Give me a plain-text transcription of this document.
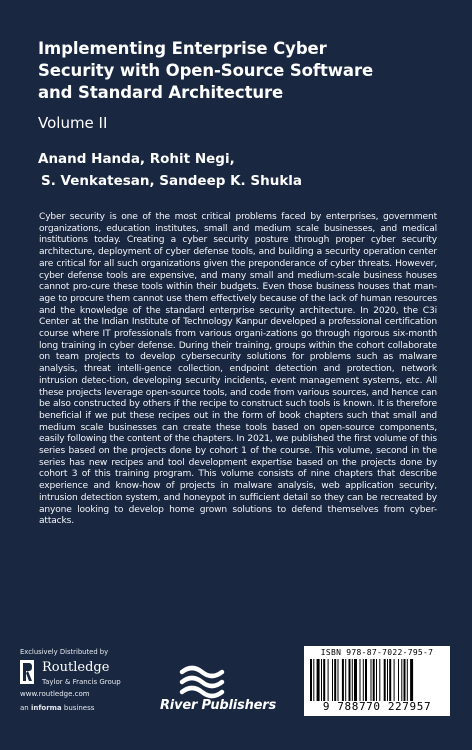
Implementing Enterprise Cyber
Security with Open-Source Software
and Standard Architecture
Volume II
Anand Handa, Rohit Negi,
S. Venkatesan, Sandeep K. Shukla
Cyber security is one of the most critical problems faced by enterprises, government organizations, education institutes, small and medium scale businesses, and medical institutions today. Creating a cyber security posture through proper cyber security architecture, deployment of cyber defense tools, and building a security operation center are critical for all such organizations given the preponderance of cyber threats. However, cyber defense tools are expensive, and many small and medium-scale business houses cannot pro-cure these tools within their budgets. Even those business houses that man-age to procure them cannot use them effectively because of the lack of human resources and the knowledge of the standard enterprise security architecture. In 2020, the C3i Center at the Indian Institute of Technology Kanpur developed a professional certification course where IT professionals from various organi-zations go through rigorous six-month long training in cyber defense. During their training, groups within the cohort collaborate on team projects to develop cybersecurity solutions for problems such as malware analysis, threat intelli-gence collection, endpoint detection and protection, network intrusion detec-tion, developing security incidents, event management systems, etc. All these projects leverage open-source tools, and code from various sources, and hence can be also constructed by others if the recipe to construct such tools is known. It is therefore beneficial if we put these recipes out in the form of book chapters such that small and medium scale businesses can create these tools based on open-source components, easily following the content of the chapters. In 2021, we published the first volume of this series based on the projects done by cohort 1 of the course. This volume, second in the series has new recipes and tool development expertise based on the projects done by cohort 3 of this training program. This volume consists of nine chapters that describe experience and know-how of projects in malware analysis, web application security, intrusion detection system, and honeypot in sufficient detail so they can be recreated by anyone looking to develop home grown solutions to defend themselves from cyber-attacks.
Exclusively Distributed by
Routledge
Taylor & Francis Group
www.routledge.com
an informa business	River Publishers
ISBN 978-87-7022-795-7
9 788770 227957
